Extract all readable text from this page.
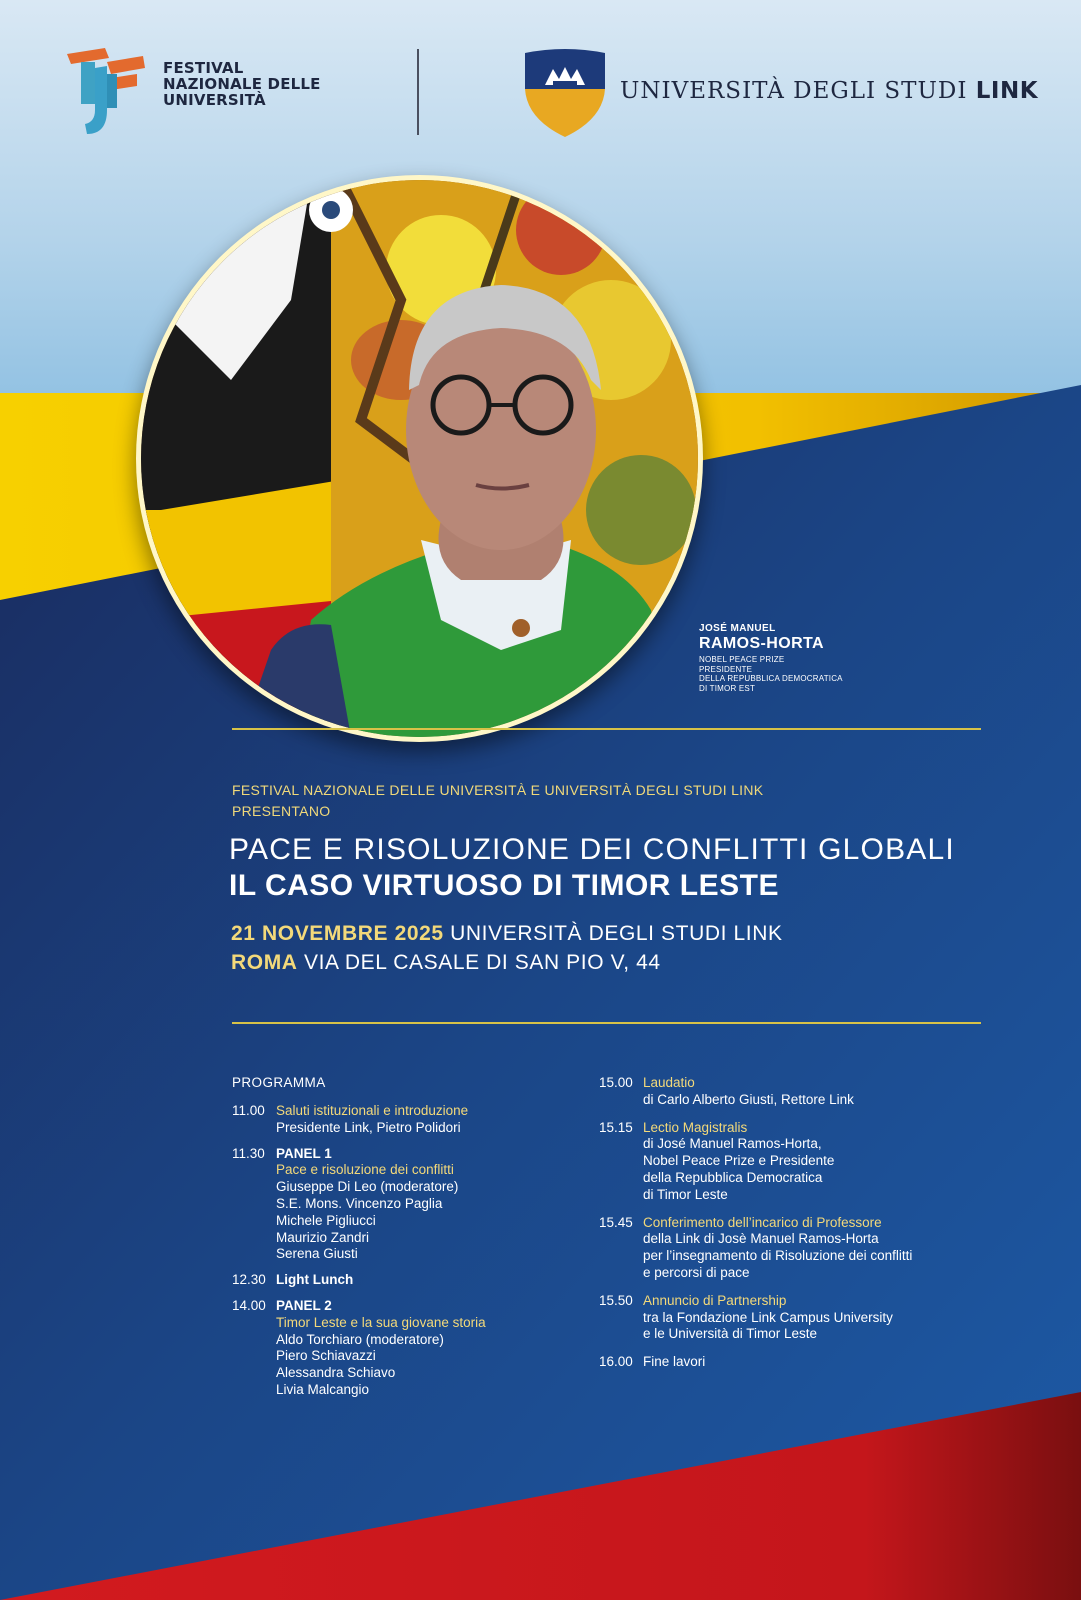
FESTIVAL
NAZIONALE DELLE
UNIVERSITÀ	UNIVERSITÀ DEGLI STUDI LINK
JOSÉ MANUEL
RAMOS-HORTA
NOBEL PEACE PRIZE
PRESIDENTE
DELLA REPUBBLICA DEMOCRATICA
DI TIMOR EST
FESTIVAL NAZIONALE DELLE UNIVERSITÀ E UNIVERSITÀ DEGLI STUDI LINK
PRESENTANO
PACE E RISOLUZIONE DEI CONFLITTI GLOBALI
IL CASO VIRTUOSO DI TIMOR LESTE
21 NOVEMBRE 2025 UNIVERSITÀ DEGLI STUDI LINK
ROMA VIA DEL CASALE DI SAN PIO V, 44
PROGRAMMA
11.00 Saluti istituzionali e introduzione
Presidente Link, Pietro Polidori
11.30 PANEL 1
Pace e risoluzione dei conflitti
Giuseppe Di Leo (moderatore)
S.E. Mons. Vincenzo Paglia
Michele Pigliucci
Maurizio Zandri
Serena Giusti
12.30 Light Lunch
14.00 PANEL 2
Timor Leste e la sua giovane storia
Aldo Torchiaro (moderatore)
Piero Schiavazzi
Alessandra Schiavo
Livia Malcangio
15.00 Laudatio
di Carlo Alberto Giusti, Rettore Link
15.15 Lectio Magistralis
di José Manuel Ramos-Horta,
Nobel Peace Prize e Presidente
della Repubblica Democratica
di Timor Leste
15.45 Conferimento dell’incarico di Professore
della Link di Josè Manuel Ramos-Horta
per l’insegnamento di Risoluzione dei conflitti
e percorsi di pace
15.50 Annuncio di Partnership
tra la Fondazione Link Campus University
e le Università di Timor Leste
16.00 Fine lavori
